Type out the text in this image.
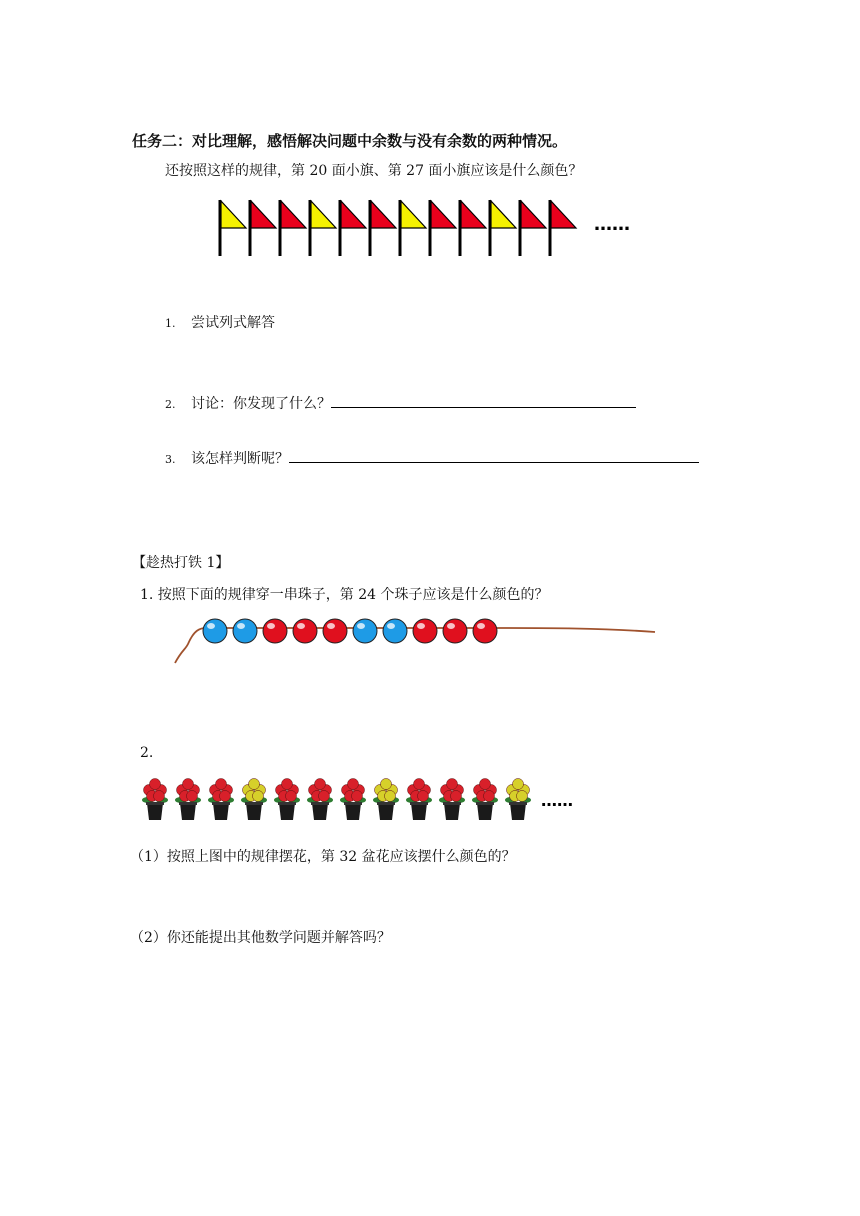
任务二：对比理解，感悟解决问题中余数与没有余数的两种情况。
还按照这样的规律，第 20 面小旗、第 27 面小旗应该是什么颜色？
……
1. 尝试列式解答
2. 讨论：你发现了什么？
3. 该怎样判断呢？
【趁热打铁 1】
1. 按照下面的规律穿一串珠子，第 24 个珠子应该是什么颜色的？
2.
……
（1）按照上图中的规律摆花，第 32 盆花应该摆什么颜色的？
（2）你还能提出其他数学问题并解答吗？
